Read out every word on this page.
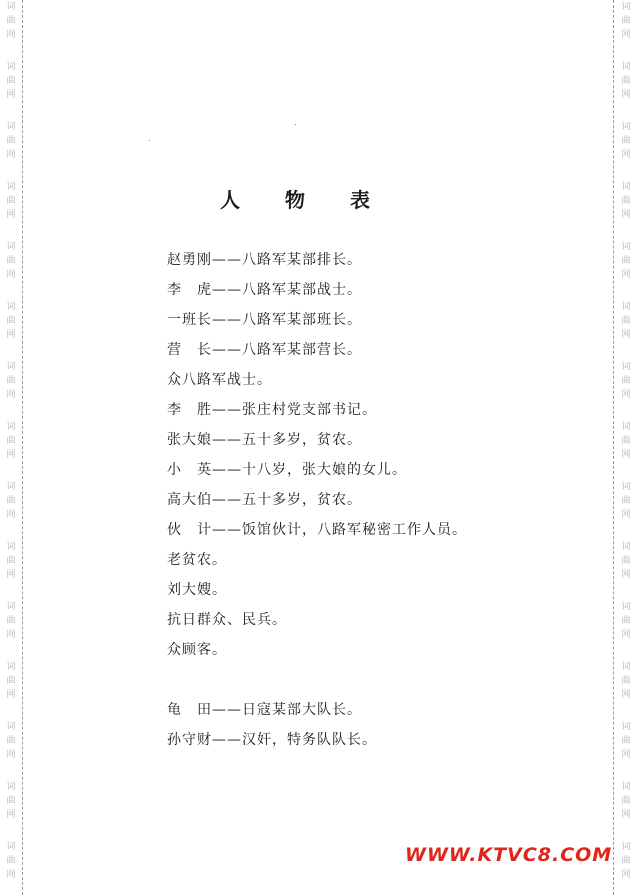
词
曲
网
词
曲
网
词
曲
网
词
曲
网
词
曲
网
词
曲
网
词
曲
网
词
曲
网
词
曲
网
词
曲
网
词
曲
网
词
曲
网
词
曲
网
词
曲
网
词
曲
网
词
曲
网
词
曲
网
词
曲
网
词
曲
网
词
曲
网
词
曲
网
词
曲
网
词
曲
网
词
曲
网
词
曲
网
词
曲
网
词
曲
网
词
曲
网
词
曲
网
词
曲
网
人 物 表
赵勇刚——八路军某部排长。
李　虎——八路军某部战士。
一班长——八路军某部班长。
营　长——八路军某部营长。
众八路军战士。
李　胜——张庄村党支部书记。
张大娘——五十多岁，贫农。
小　英——十八岁，张大娘的女儿。
高大伯——五十多岁，贫农。
伙　计——饭馆伙计，八路军秘密工作人员。
老贫农。
刘大嫂。
抗日群众、民兵。
众顾客。
龟　田——日寇某部大队长。
孙守财——汉奸，特务队队长。
WWW.KTVC8.COM
